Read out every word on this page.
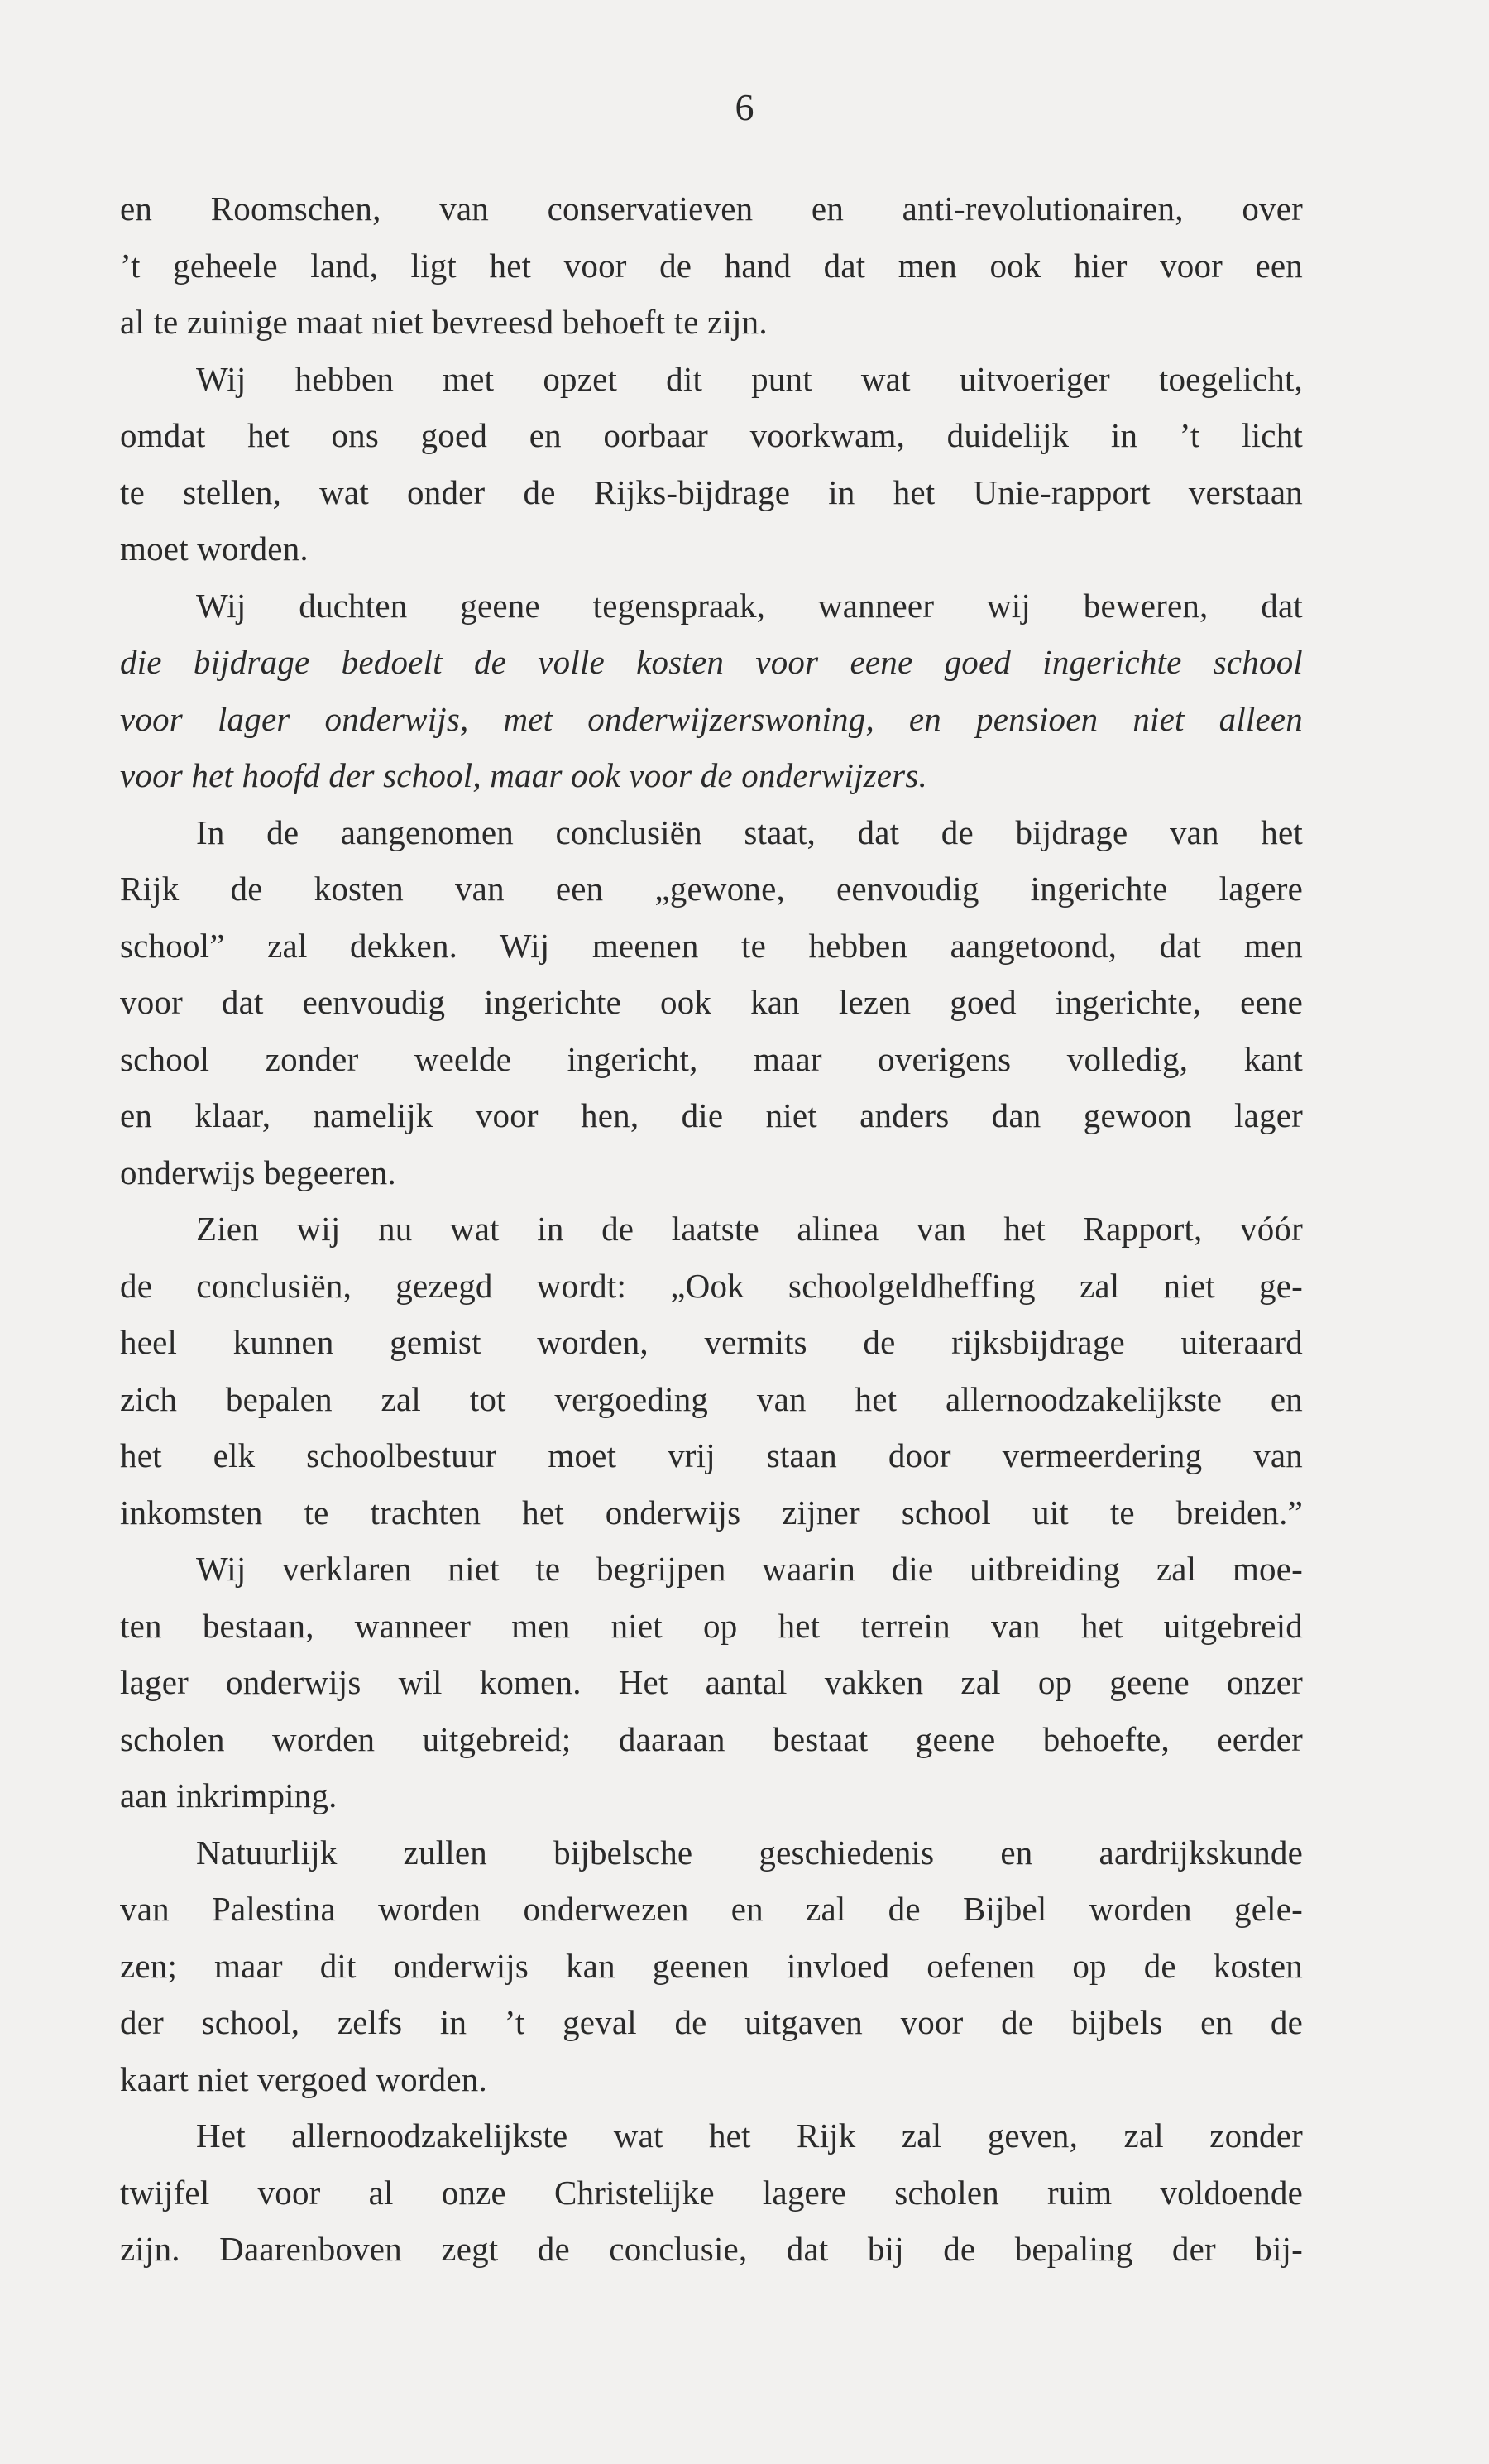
6
en Roomschen, van conservatieven en anti-revolutionairen, over
’t geheele land, ligt het voor de hand dat men ook hier voor een
al te zuinige maat niet bevreesd behoeft te zijn.
Wij hebben met opzet dit punt wat uitvoeriger toegelicht,
omdat het ons goed en oorbaar voorkwam, duidelijk in ’t licht
te stellen, wat onder de Rijks-bijdrage in het Unie-rapport verstaan
moet worden.
Wij duchten geene tegenspraak, wanneer wij beweren, dat
die bijdrage bedoelt de volle kosten voor eene goed ingerichte school
voor lager onderwijs, met onderwijzerswoning, en pensioen niet alleen
voor het hoofd der school, maar ook voor de onderwijzers.
In de aangenomen conclusiën staat, dat de bijdrage van het
Rijk de kosten van een „gewone, eenvoudig ingerichte lagere
school” zal dekken. Wij meenen te hebben aangetoond, dat men
voor dat eenvoudig ingerichte ook kan lezen goed ingerichte, eene
school zonder weelde ingericht, maar overigens volledig, kant
en klaar, namelijk voor hen, die niet anders dan gewoon lager
onderwijs begeeren.
Zien wij nu wat in de laatste alinea van het Rapport, vóór
de conclusiën, gezegd wordt: „Ook schoolgeldheffing zal niet ge-
heel kunnen gemist worden, vermits de rijksbijdrage uiteraard
zich bepalen zal tot vergoeding van het allernoodzakelijkste en
het elk schoolbestuur moet vrij staan door vermeerdering van
inkomsten te trachten het onderwijs zijner school uit te breiden.”
Wij verklaren niet te begrijpen waarin die uitbreiding zal moe-
ten bestaan, wanneer men niet op het terrein van het uitgebreid
lager onderwijs wil komen. Het aantal vakken zal op geene onzer
scholen worden uitgebreid; daaraan bestaat geene behoefte, eerder
aan inkrimping.
Natuurlijk zullen bijbelsche geschiedenis en aardrijkskunde
van Palestina worden onderwezen en zal de Bijbel worden gele-
zen; maar dit onderwijs kan geenen invloed oefenen op de kosten
der school, zelfs in ’t geval de uitgaven voor de bijbels en de
kaart niet vergoed worden.
Het allernoodzakelijkste wat het Rijk zal geven, zal zonder
twijfel voor al onze Christelijke lagere scholen ruim voldoende
zijn. Daarenboven zegt de conclusie, dat bij de bepaling der bij-
